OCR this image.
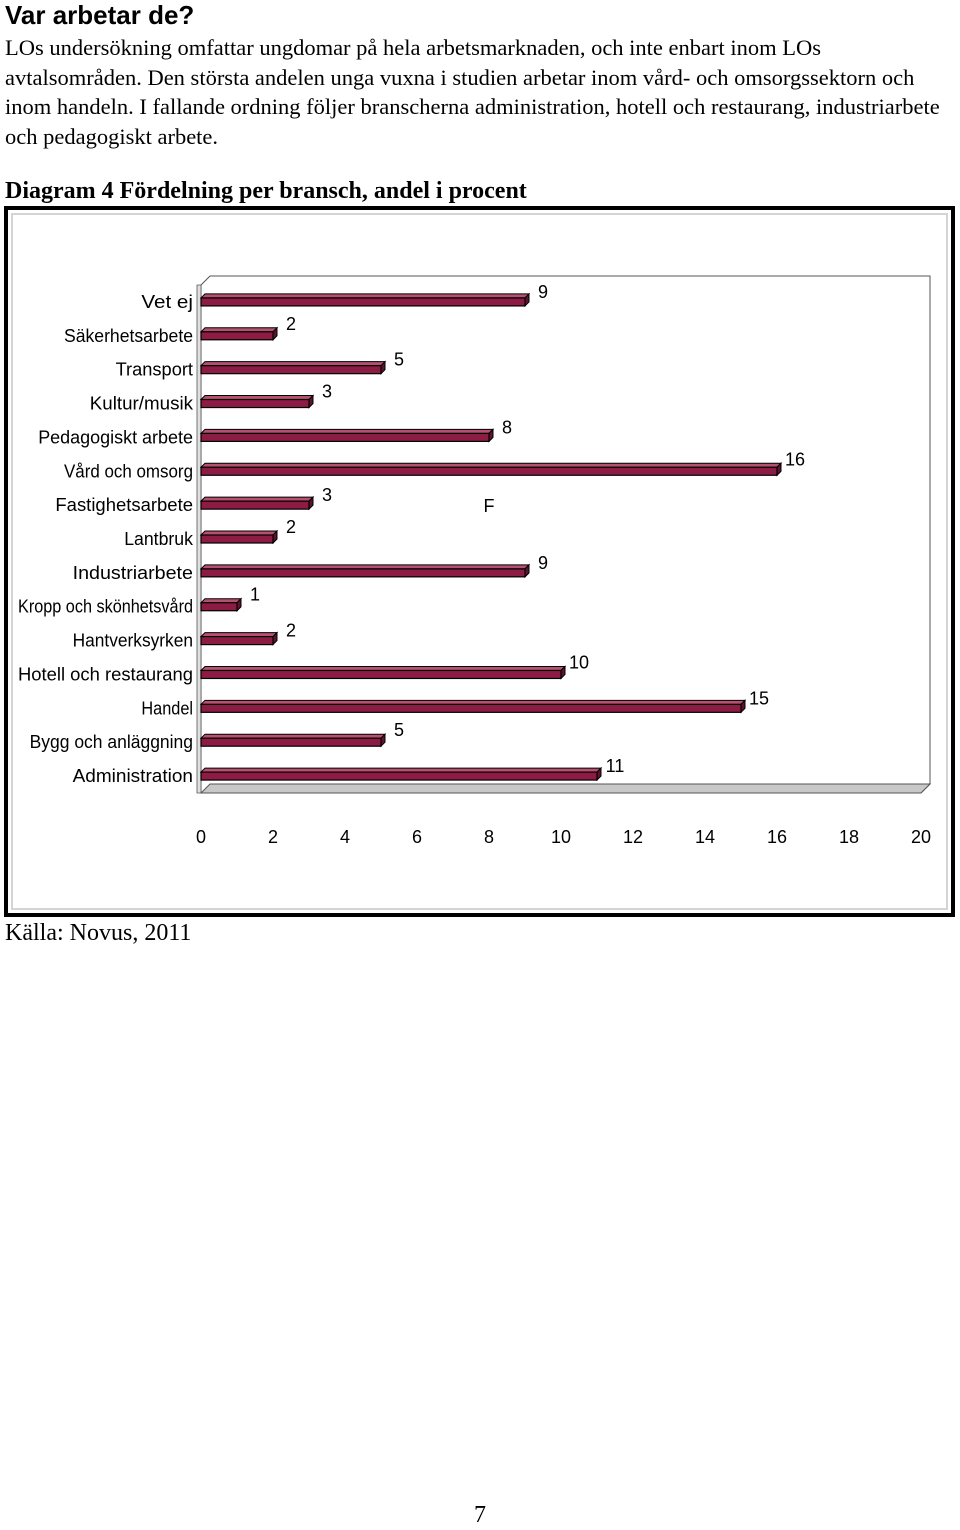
Var arbetar de?

LOs undersökning omfattar ungdomar på hela arbetsmarknaden, och inte enbart inom LOs avtalsområden. Den största andelen unga vuxna i studien arbetar inom vård- och omsorgssektorn och inom handeln. I fallande ordning följer branscherna administration, hotell och restaurang, industriarbete och pedagogiskt arbete.

Diagram 4 Fördelning per bransch, andel i procent

Vet ej	9
Säkerhetsarbete
2
Transport	5
Kultur/musik
3
Pedagogiskt arbete	8
Vård och omsorg
16
Fastighetsarbete	3
Lantbruk
2
Industriarbete	9
Kropp och skönhetsvård
1
Hantverksyrken	2
Hotell och restaurang
10
Handel	15
Bygg och anläggning
5
Administration	11
F
0	2	4	6	8	10	12	14	16	18	20

Källa: Novus, 2011

7
